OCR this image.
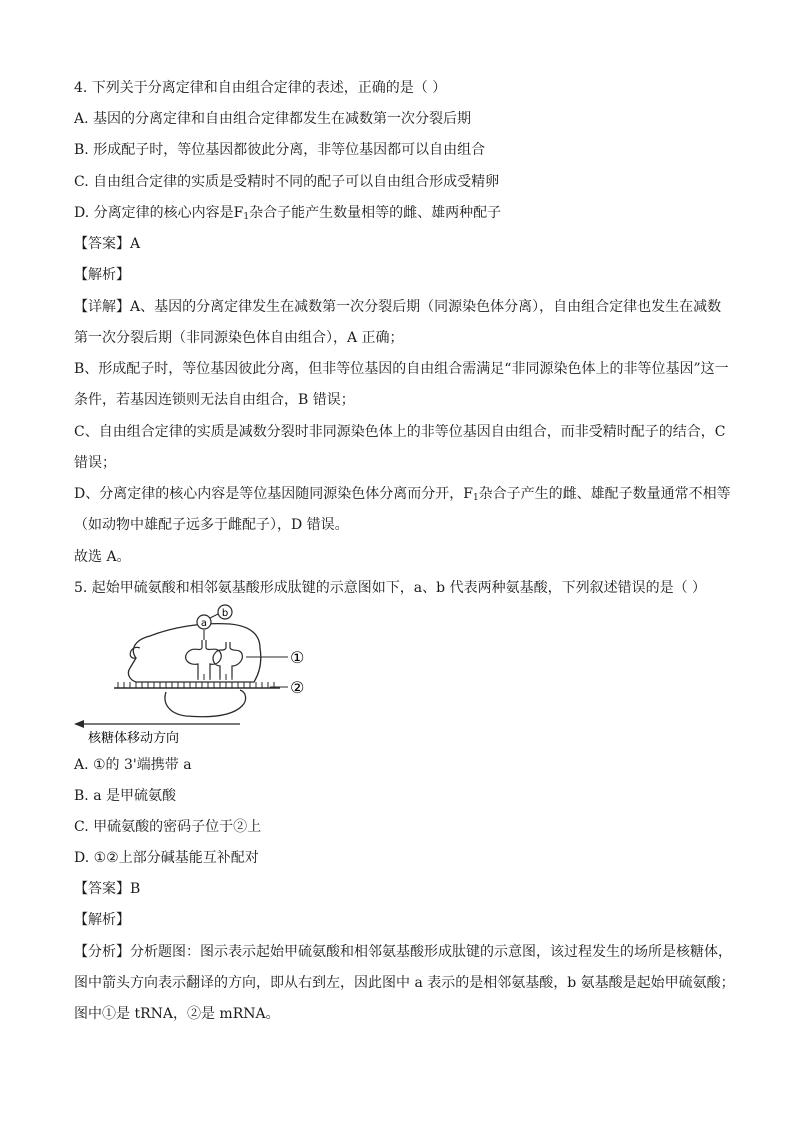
4. 下列关于分离定律和自由组合定律的表述，正确的是（ ）
A. 基因的分离定律和自由组合定律都发生在减数第一次分裂后期
B. 形成配子时，等位基因都彼此分离，非等位基因都可以自由组合
C. 自由组合定律的实质是受精时不同的配子可以自由组合形成受精卵
D. 分离定律的核心内容是$F_1$杂合子能产生数量相等的雌、雄两种配子
【答案】A
【解析】
【详解】A、基因的分离定律发生在减数第一次分裂后期（同源染色体分离），自由组合定律也发生在减数
第一次分裂后期（非同源染色体自由组合），A 正确；
B、形成配子时，等位基因彼此分离，但非等位基因的自由组合需满足“非同源染色体上的非等位基因”这一
条件，若基因连锁则无法自由组合，B 错误；
C、自由组合定律的实质是减数分裂时非同源染色体上的非等位基因自由组合，而非受精时配子的结合，C
错误；
D、分离定律的核心内容是等位基因随同源染色体分离而分开，$F_1$杂合子产生的雌、雄配子数量通常不相等
（如动物中雄配子远多于雌配子），D 错误。
故选 A。
5. 起始甲硫氨酸和相邻氨基酸形成肽键的示意图如下，a、b 代表两种氨基酸，下列叙述错误的是（ ）
a
b
①
②
核糖体移动方向
A. ①的 3'端携带 a
B. a 是甲硫氨酸
C. 甲硫氨酸的密码子位于②上
D. ①②上部分碱基能互补配对
【答案】B
【解析】
【分析】分析题图：图示表示起始甲硫氨酸和相邻氨基酸形成肽键的示意图，该过程发生的场所是核糖体，
图中箭头方向表示翻译的方向，即从右到左，因此图中 a 表示的是相邻氨基酸，b 氨基酸是起始甲硫氨酸；
图中①是 tRNA，②是 mRNA。
